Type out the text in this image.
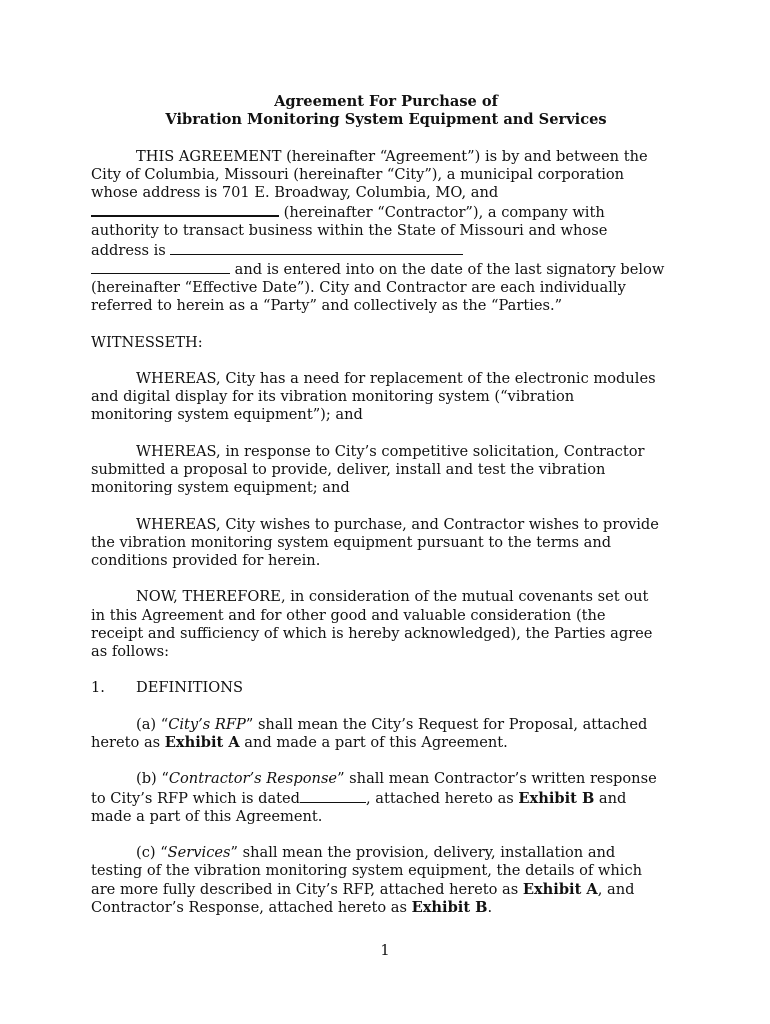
Agreement For Purchase of

Vibration Monitoring System Equipment and Services

THIS AGREEMENT (hereinafter “Agreement”) is by and between the

City of Columbia, Missouri (hereinafter “City”), a municipal corporation

whose address is 701 E. Broadway, Columbia, MO, and

(hereinafter “Contractor”), a company with

authority to transact business within the State of Missouri and whose

address is

and is entered into on the date of the last signatory below

(hereinafter “Effective Date”). City and Contractor are each individually

referred to herein as a “Party” and collectively as the “Parties.”

WITNESSETH:

WHEREAS, City has a need for replacement of the electronic modules

and digital display for its vibration monitoring system (“vibration

monitoring system equipment”); and

WHEREAS, in response to City’s competitive solicitation, Contractor

submitted a proposal to provide, deliver, install and test the vibration

monitoring system equipment; and

WHEREAS, City wishes to purchase, and Contractor wishes to provide

the vibration monitoring system equipment pursuant to the terms and

conditions provided for herein.

NOW, THEREFORE, in consideration of the mutual covenants set out

in this Agreement and for other good and valuable consideration (the

receipt and sufficiency of which is hereby acknowledged), the Parties agree

as follows:

1. DEFINITIONS

(a) “City’s RFP” shall mean the City’s Request for Proposal, attached

hereto as Exhibit A and made a part of this Agreement.

(b) “Contractor’s Response” shall mean Contractor’s written response

to City’s RFP which is dated	, attached hereto as Exhibit B and

made a part of this Agreement.

(c) “Services” shall mean the provision, delivery, installation and

testing of the vibration monitoring system equipment, the details of which

are more fully described in City’s RFP, attached hereto as Exhibit A, and

Contractor’s Response, attached hereto as Exhibit B.

1
